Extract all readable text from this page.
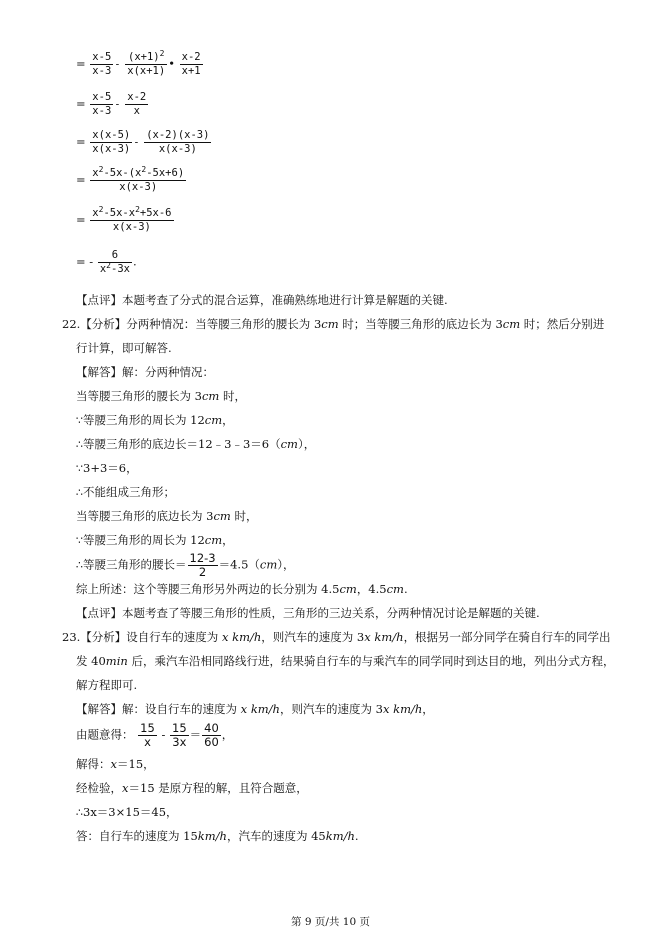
= $\frac{x-5}{x-3} - \frac{(x+1)^2}{x(x+1)}$ • $\frac{x-2}{x+1}$
= $\frac{x-5}{x-3} - \frac{x-2}{x}$
= $\frac{x(x-5)}{x(x-3)} - \frac{(x-2)(x-3)}{x(x-3)}$
= $\frac{x^2-5x-(x^2-5x+6)}{x(x-3)}$
= $\frac{x^2-5x-x^2+5x-6}{x(x-3)}$
= - $\frac{6}{x^2-3x}$ .
【点评】本题考查了分式的混合运算，准确熟练地进行计算是解题的关键.
22.【分析】分两种情况：当等腰三角形的腰长为 3cm 时；当等腰三角形的底边长为 3cm 时；然后分别进
行计算，即可解答.
【解答】解：分两种情况：
当等腰三角形的腰长为 3cm 时，
∵等腰三角形的周长为 12cm，
∴等腰三角形的底边长＝12﹣3﹣3＝6（cm），
∵3+3＝6，
∴不能组成三角形；
当等腰三角形的底边长为 3cm 时，
∵等腰三角形的周长为 12cm，
∴等腰三角形的腰长＝ $\frac{12-3}{2} =4.5(cm)$，
综上所述：这个等腰三角形另外两边的长分别为 4.5cm，4.5cm.
【点评】本题考查了等腰三角形的性质，三角形的三边关系，分两种情况讨论是解题的关键.
23.【分析】设自行车的速度为 x km/h，则汽车的速度为 3x km/h，根据另一部分同学在骑自行车的同学出
发 40min 后，乘汽车沿相同路线行进，结果骑自行车的与乘汽车的同学同时到达目的地，列出分式方程，
解方程即可.
【解答】解：设自行车的速度为 x km/h，则汽车的速度为 3x km/h，
由题意得： $\frac{15}{x} - \frac{15}{3x} = \frac{40}{60}$ ，
解得：x＝15，
经检验，x＝15 是原方程的解，且符合题意，
∴3x＝3×15＝45，
答：自行车的速度为 15km/h，汽车的速度为 45km/h.
第 9 页/共 10 页
